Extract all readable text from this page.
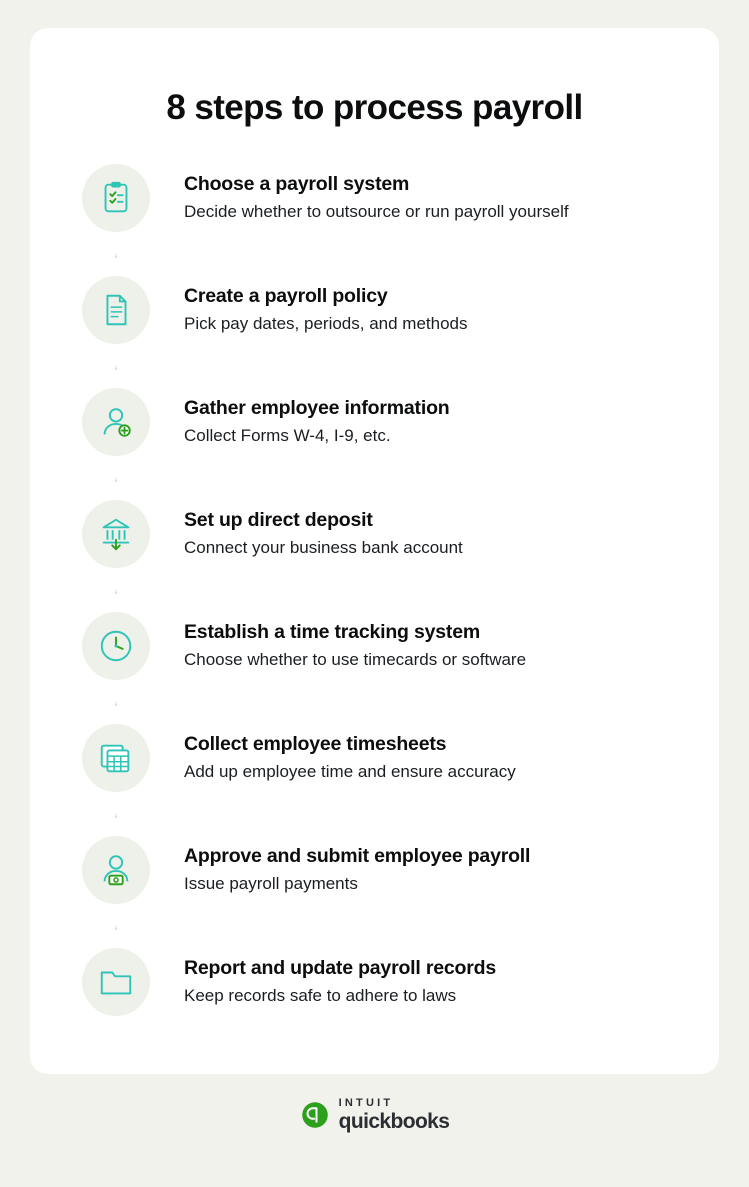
8 steps to process payroll
Choose a payroll system
Decide whether to outsource or run payroll yourself
Create a payroll policy
Pick pay dates, periods, and methods
Gather employee information
Collect Forms W-4, I-9, etc.
Set up direct deposit
Connect your business bank account
Establish a time tracking system
Choose whether to use timecards or software
Collect employee timesheets
Add up employee time and ensure accuracy
Approve and submit employee payroll
Issue payroll payments
Report and update payroll records
Keep records safe to adhere to laws
INTUIT
quickbooks
